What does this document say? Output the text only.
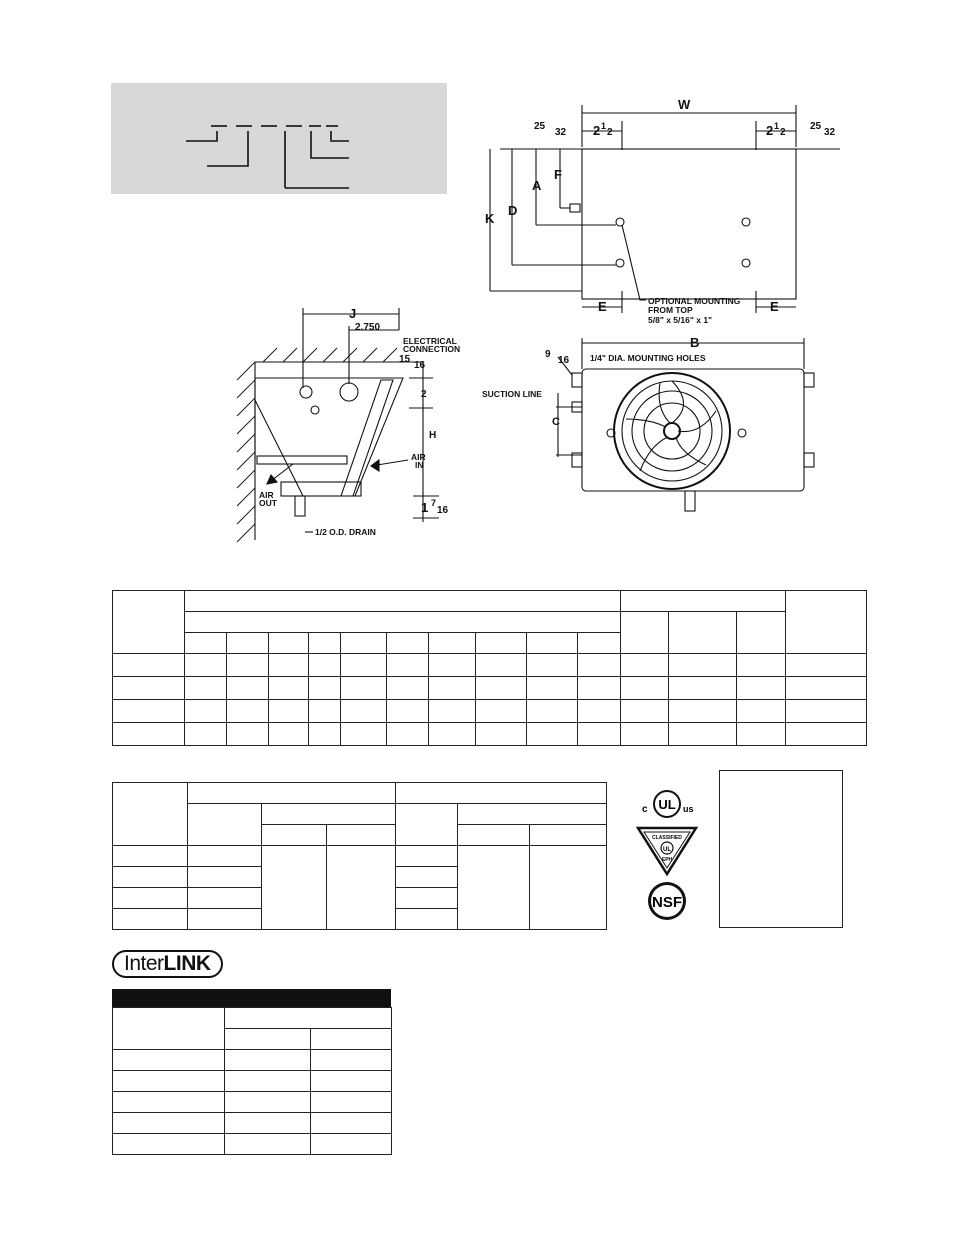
W
25
32 2 1
2	2 1
2
25
32
K
D
A
F
E	E
OPTIONAL MOUNTING
FROM TOP
5/8" x 5/16" x 1"
B
9
16 1/4" DIA. MOUNTING HOLES
SUCTION LINE
C
J
2.750
ELECTRICAL
CONNECTION
15
16
2
H
AIR
IN
AIR
OUT	1 7
16
1/2 O.D. DRAIN

UL
c	us
CLASSIFIED
UL
EPH
NSF
Inter LINK
